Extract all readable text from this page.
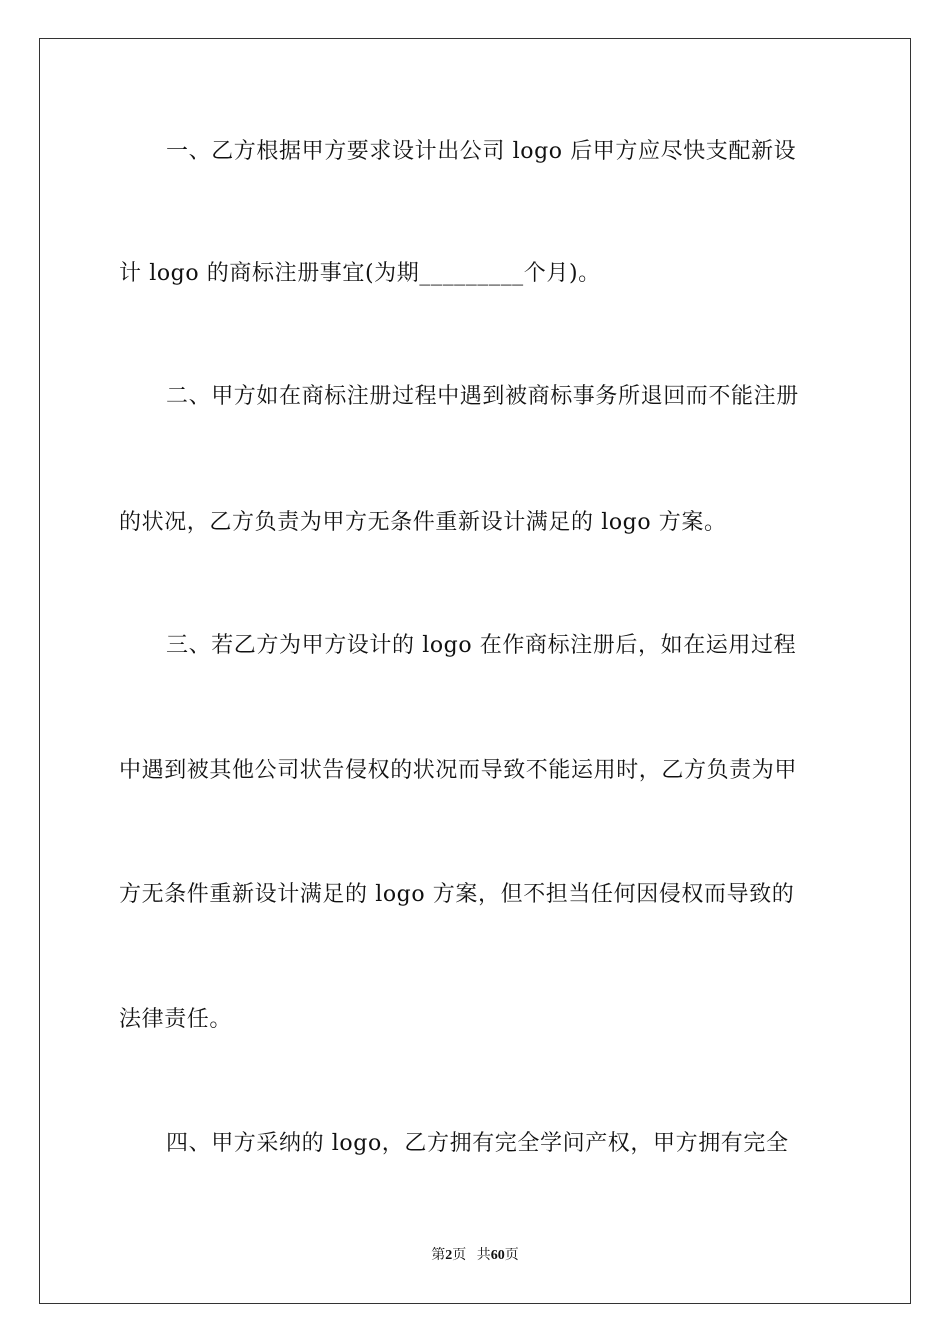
一、乙方根据甲方要求设计出公司 logo 后甲方应尽快支配新设
计 logo 的商标注册事宜(为期_________个月)。
二、甲方如在商标注册过程中遇到被商标事务所退回而不能注册
的状况，乙方负责为甲方无条件重新设计满足的 logo 方案。
三、若乙方为甲方设计的 logo 在作商标注册后，如在运用过程
中遇到被其他公司状告侵权的状况而导致不能运用时，乙方负责为甲
方无条件重新设计满足的 logo 方案，但不担当任何因侵权而导致的
法律责任。
四、甲方采纳的 logo，乙方拥有完全学问产权，甲方拥有完全
第2页 共60页
